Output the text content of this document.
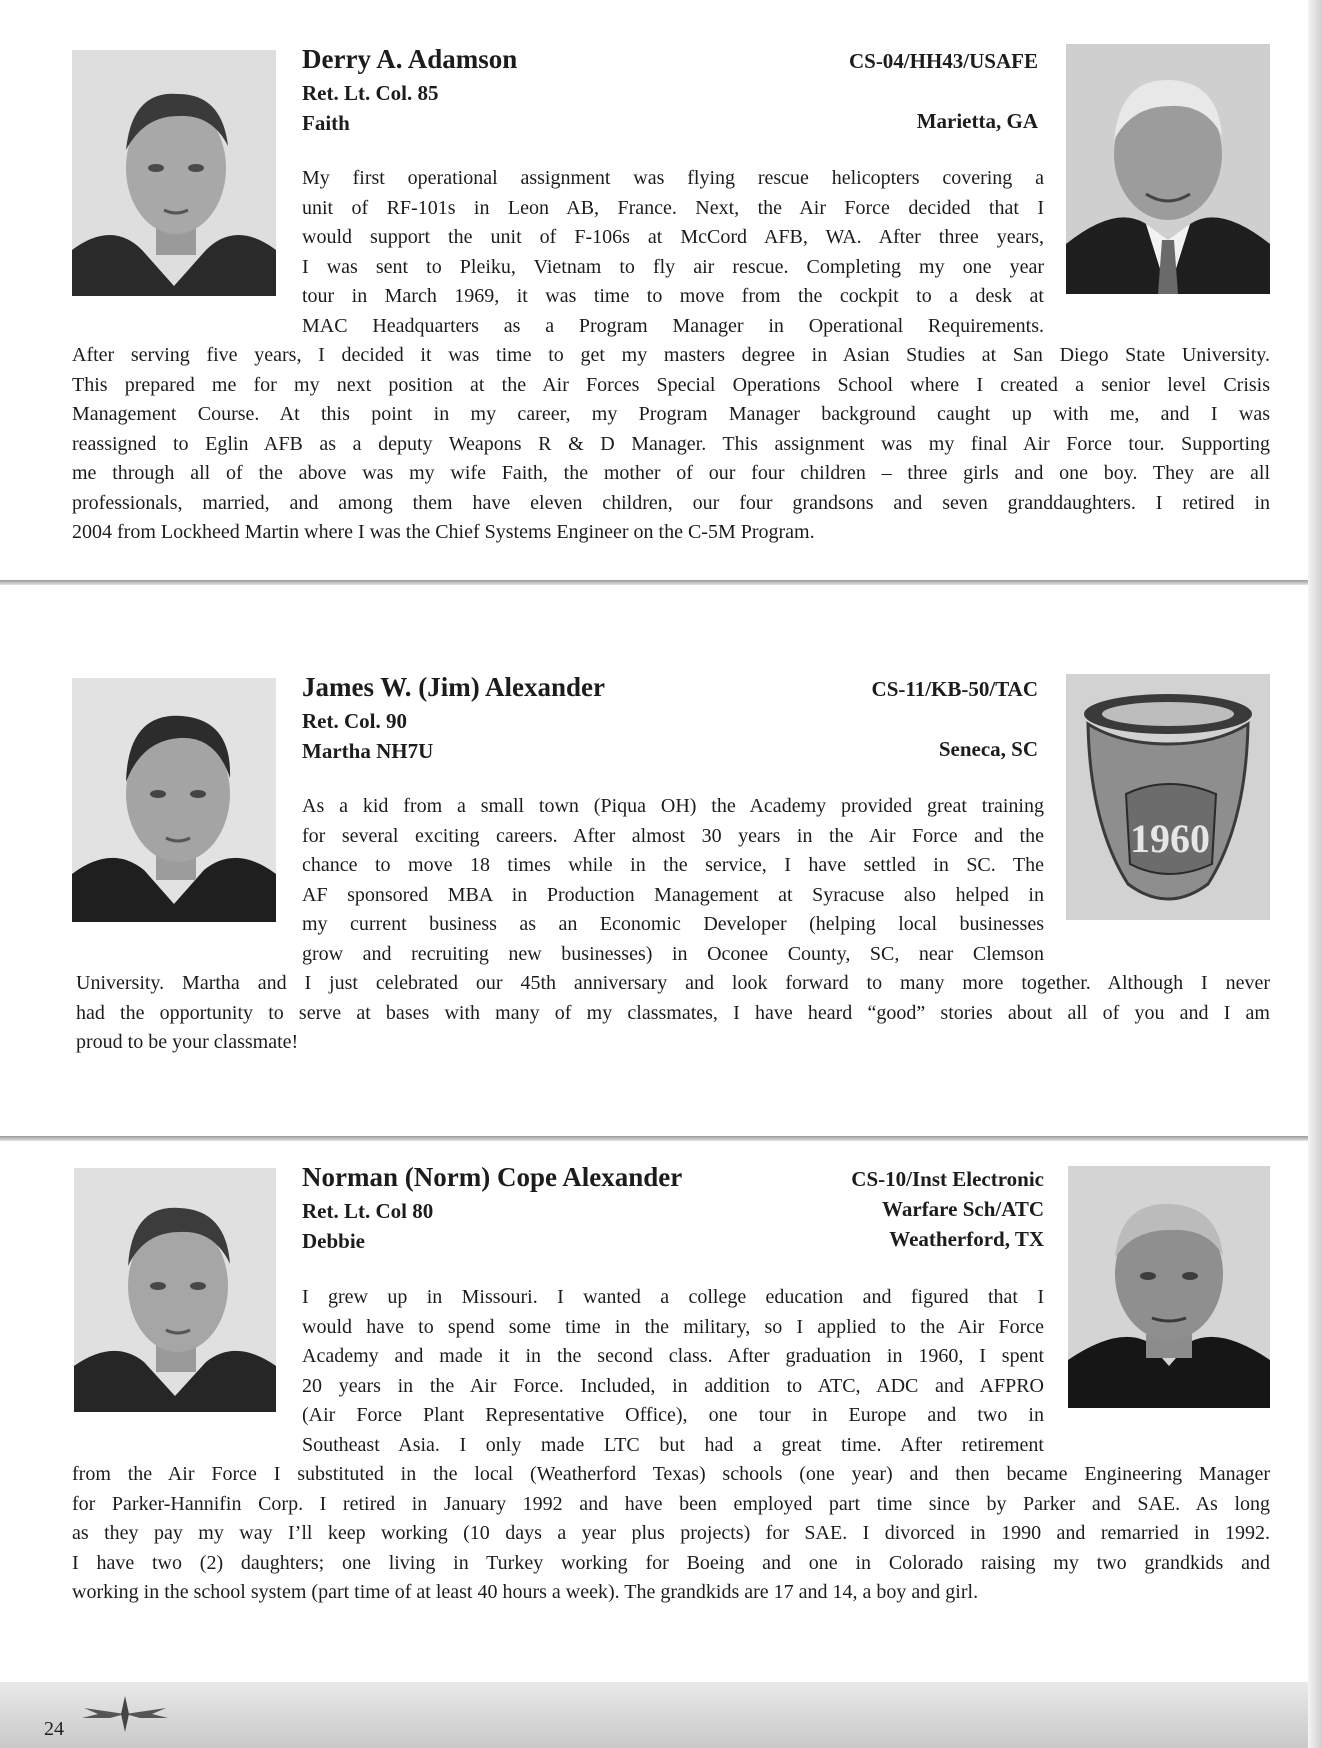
Derry A. Adamson
Ret. Lt. Col. 85
Faith
CS-04/HH43/USAFE
Marietta, GA
My first operational assignment was flying rescue helicopters covering a
unit of RF-101s in Leon AB, France. Next, the Air Force decided that I
would support the unit of F-106s at McCord AFB, WA. After three years,
I was sent to Pleiku, Vietnam to fly air rescue. Completing my one year
tour in March 1969, it was time to move from the cockpit to a desk at
MAC Headquarters as a Program Manager in Operational Requirements.
After serving five years, I decided it was time to get my masters degree in Asian Studies at San Diego State University.
This prepared me for my next position at the Air Forces Special Operations School where I created a senior level Crisis
Management Course. At this point in my career, my Program Manager background caught up with me, and I was
reassigned to Eglin AFB as a deputy Weapons R & D Manager. This assignment was my final Air Force tour. Supporting
me through all of the above was my wife Faith, the mother of our four children – three girls and one boy. They are all
professionals, married, and among them have eleven children, our four grandsons and seven granddaughters. I retired in
2004 from Lockheed Martin where I was the Chief Systems Engineer on the C-5M Program.
James W. (Jim) Alexander
Ret. Col. 90
Martha NH7U
CS-11/KB-50/TAC
Seneca, SC
1960
As a kid from a small town (Piqua OH) the Academy provided great training
for several exciting careers. After almost 30 years in the Air Force and the
chance to move 18 times while in the service, I have settled in SC. The
AF sponsored MBA in Production Management at Syracuse also helped in
my current business as an Economic Developer (helping local businesses
grow and recruiting new businesses) in Oconee County, SC, near Clemson
University. Martha and I just celebrated our 45th anniversary and look forward to many more together. Although I never
had the opportunity to serve at bases with many of my classmates, I have heard “good” stories about all of you and I am
proud to be your classmate!
Norman (Norm) Cope Alexander
Ret. Lt. Col 80
Debbie
CS-10/Inst Electronic
Warfare Sch/ATC
Weatherford, TX
I grew up in Missouri. I wanted a college education and figured that I
would have to spend some time in the military, so I applied to the Air Force
Academy and made it in the second class. After graduation in 1960, I spent
20 years in the Air Force. Included, in addition to ATC, ADC and AFPRO
(Air Force Plant Representative Office), one tour in Europe and two in
Southeast Asia. I only made LTC but had a great time. After retirement
from the Air Force I substituted in the local (Weatherford Texas) schools (one year) and then became Engineering Manager
for Parker-Hannifin Corp. I retired in January 1992 and have been employed part time since by Parker and SAE. As long
as they pay my way I’ll keep working (10 days a year plus projects) for SAE. I divorced in 1990 and remarried in 1992.
I have two (2) daughters; one living in Turkey working for Boeing and one in Colorado raising my two grandkids and
working in the school system (part time of at least 40 hours a week). The grandkids are 17 and 14, a boy and girl.
24
